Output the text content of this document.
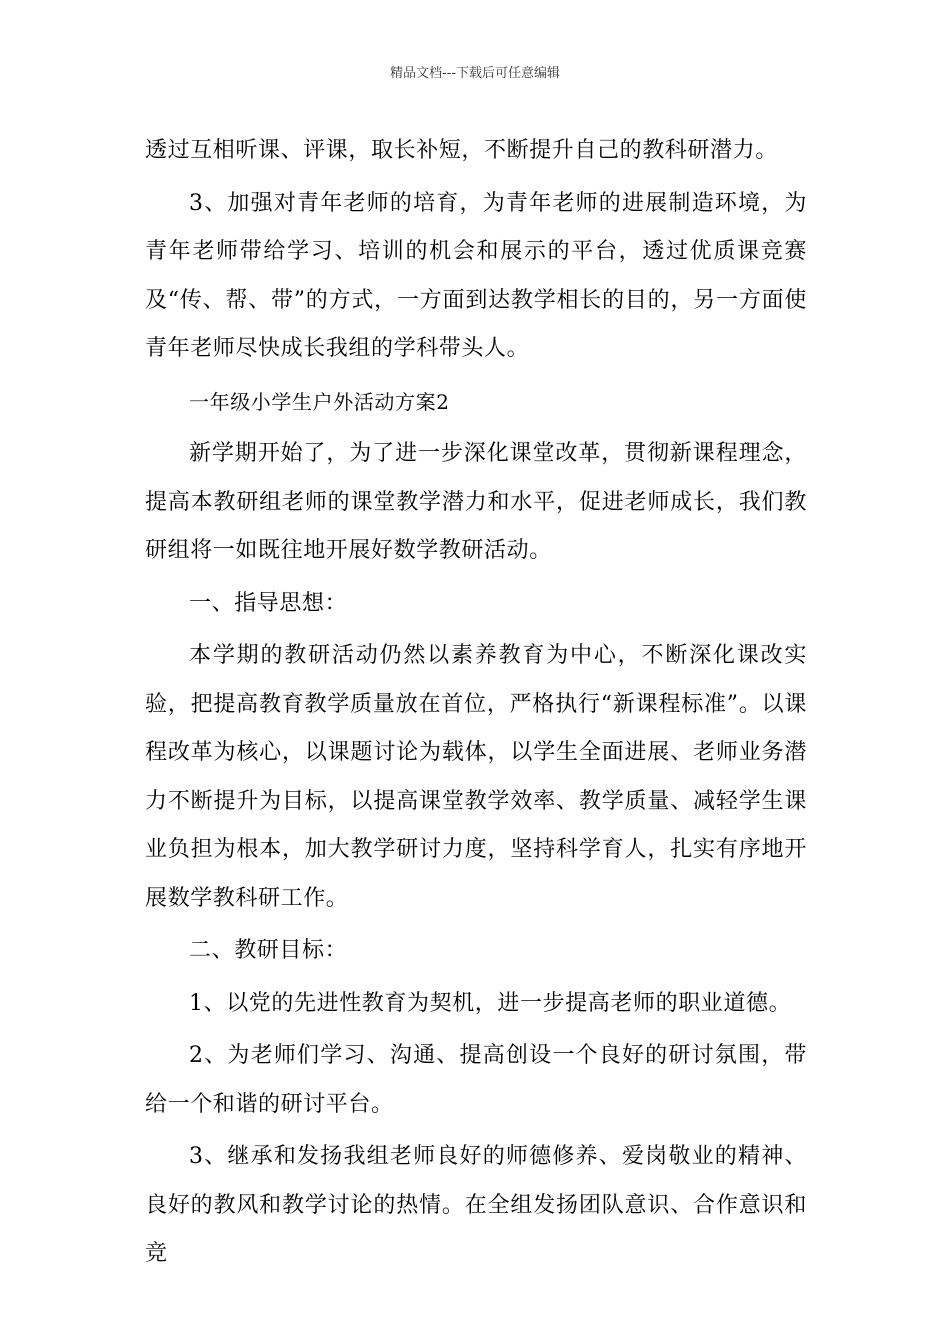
精品文档---下载后可任意编辑

透过互相听课、评课，取长补短，不断提升自己的教科研潜力。

3、加强对青年老师的培育，为青年老师的进展制造环境，为青年老师带给学习、培训的机会和展示的平台，透过优质课竞赛及“传、帮、带”的方式，一方面到达教学相长的目的，另一方面使青年老师尽快成长我组的学科带头人。

一年级小学生户外活动方案2

新学期开始了，为了进一步深化课堂改革，贯彻新课程理念，提高本教研组老师的课堂教学潜力和水平，促进老师成长，我们教研组将一如既往地开展好数学教研活动。

一、指导思想：

本学期的教研活动仍然以素养教育为中心，不断深化课改实验，把提高教育教学质量放在首位，严格执行“新课程标准”。以课程改革为核心，以课题讨论为载体，以学生全面进展、老师业务潜力不断提升为目标，以提高课堂教学效率、教学质量、减轻学生课业负担为根本，加大教学研讨力度，坚持科学育人，扎实有序地开展数学教科研工作。

二、教研目标：

1、以党的先进性教育为契机，进一步提高老师的职业道德。

2、为老师们学习、沟通、提高创设一个良好的研讨氛围，带给一个和谐的研讨平台。

3、继承和发扬我组老师良好的师德修养、爱岗敬业的精神、良好的教风和教学讨论的热情。在全组发扬团队意识、合作意识和竞
